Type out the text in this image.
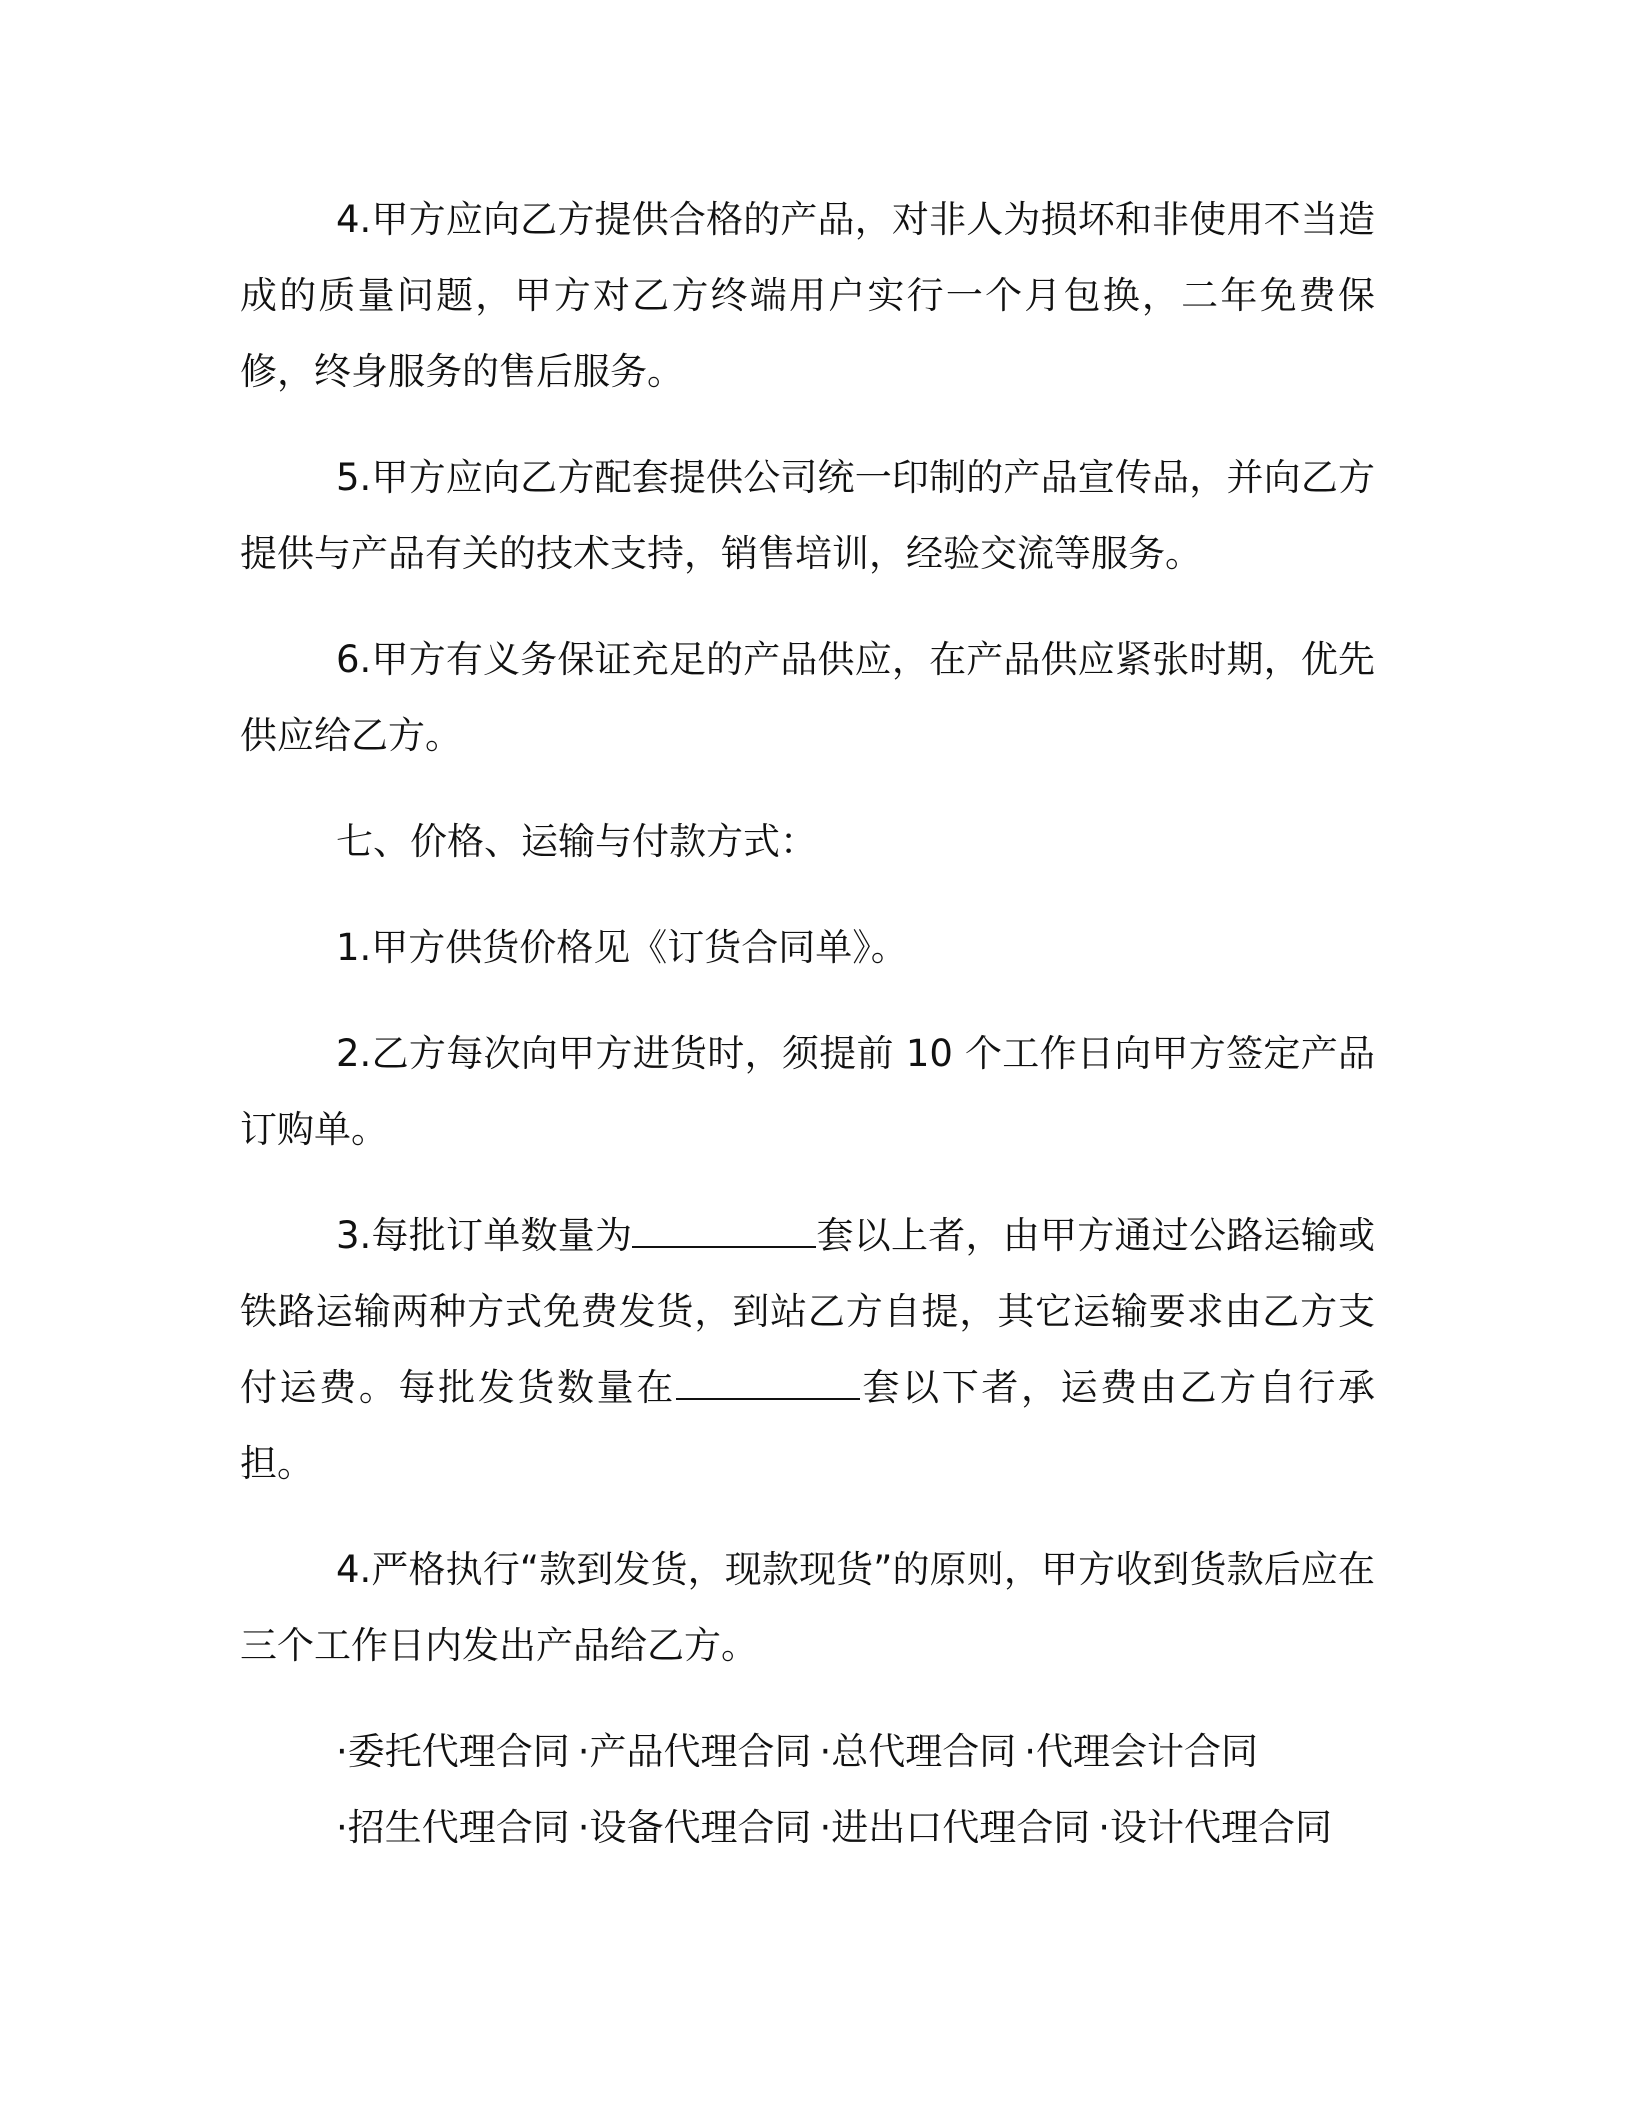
4.甲方应向乙方提供合格的产品，对非人为损坏和非使用不当造成的质量问题，甲方对乙方终端用户实行一个月包换，二年免费保修，终身服务的售后服务。

5.甲方应向乙方配套提供公司统一印制的产品宣传品，并向乙方提供与产品有关的技术支持，销售培训，经验交流等服务。

6.甲方有义务保证充足的产品供应，在产品供应紧张时期，优先供应给乙方。

七、价格、运输与付款方式：

1.甲方供货价格见《订货合同单》。

2.乙方每次向甲方进货时，须提前 10 个工作日向甲方签定产品订购单。

3.每批订单数量为	套以上者，由甲方通过公路运输或铁路运输两种方式免费发货，到站乙方自提，其它运输要求由乙方支付运费。每批发货数量在	套以下者，运费由乙方自行承担。

4.严格执行“款到发货，现款现货”的原则，甲方收到货款后应在三个工作日内发出产品给乙方。

·委托代理合同 ·产品代理合同 ·总代理合同 ·代理会计合同

·招生代理合同 ·设备代理合同 ·进出口代理合同 ·设计代理合同
